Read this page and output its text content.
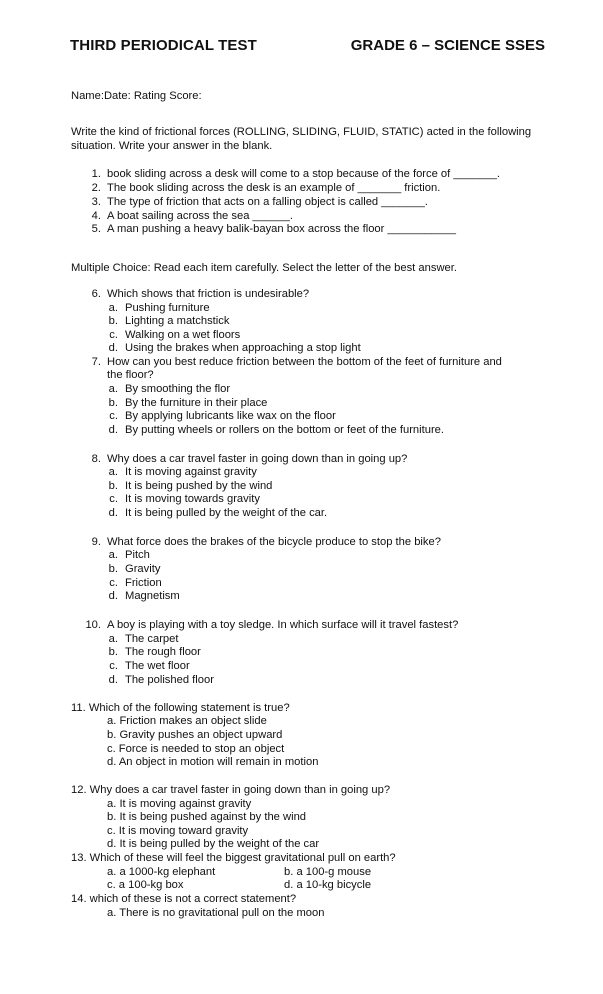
THIRD PERIODICAL TEST	GRADE 6 – SCIENCE SSES
Name:Date: Rating Score:
Write the kind of frictional forces (ROLLING, SLIDING, FLUID, STATIC) acted in the following situation. Write your answer in the blank.
1. book sliding across a desk will come to a stop because of the force of _______.
2. The book sliding across the desk is an example of _______ friction.
3. The type of friction that acts on a falling object is called _______.
4. A boat sailing across the sea ______.
5. A man pushing a heavy balik-bayan box across the floor ___________
Multiple Choice: Read each item carefully. Select the letter of the best answer.
6. Which shows that friction is undesirable?
a. Pushing furniture
b. Lighting a matchstick
c. Walking on a wet floors
d. Using the brakes when approaching a stop light
7. How can you best reduce friction between the bottom of the feet of furniture and
the floor?
a. By smoothing the flor
b. By the furniture in their place
c. By applying lubricants like wax on the floor
d. By putting wheels or rollers on the bottom or feet of the furniture.
8. Why does a car travel faster in going down than in going up?
a. It is moving against gravity
b. It is being pushed by the wind
c. It is moving towards gravity
d. It is being pulled by the weight of the car.
9. What force does the brakes of the bicycle produce to stop the bike?
a. Pitch
b. Gravity
c. Friction
d. Magnetism
10. A boy is playing with a toy sledge. In which surface will it travel fastest?
a. The carpet
b. The rough floor
c. The wet floor
d. The polished floor
11. Which of the following statement is true?
a. Friction makes an object slide
b. Gravity pushes an object upward
c. Force is needed to stop an object
d. An object in motion will remain in motion
12. Why does a car travel faster in going down than in going up?
a. It is moving against gravity
b. It is being pushed against by the wind
c. It is moving toward gravity
d. It is being pulled by the weight of the car
13. Which of these will feel the biggest gravitational pull on earth?
a. a 1000-kg elephant	b. a 100-g mouse
c. a 100-kg box	d. a 10-kg bicycle
14. which of these is not a correct statement?
a. There is no gravitational pull on the moon
